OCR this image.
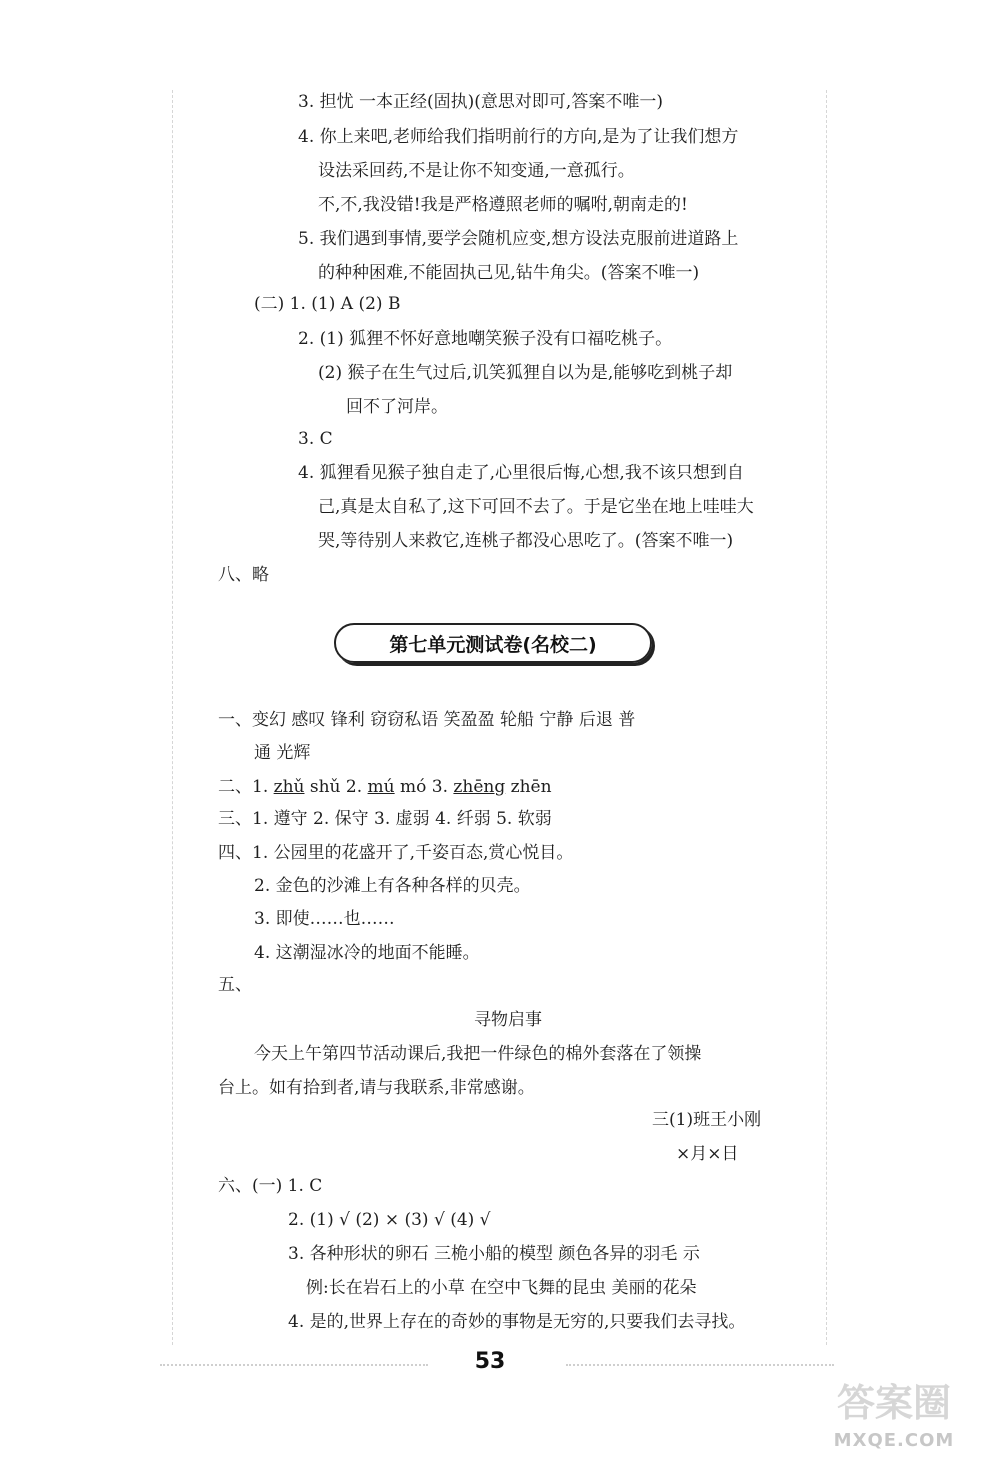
3. 担忧 一本正经(固执)(意思对即可,答案不唯一)
4. 你上来吧,老师给我们指明前行的方向,是为了让我们想方
设法采回药,不是让你不知变通,一意孤行。
不,不,我没错!我是严格遵照老师的嘱咐,朝南走的!
5. 我们遇到事情,要学会随机应变,想方设法克服前进道路上
的种种困难,不能固执己见,钻牛角尖。(答案不唯一)
(二) 1. (1) A (2) B
2. (1) 狐狸不怀好意地嘲笑猴子没有口福吃桃子。
(2) 猴子在生气过后,讥笑狐狸自以为是,能够吃到桃子却
回不了河岸。
3. C
4. 狐狸看见猴子独自走了,心里很后悔,心想,我不该只想到自
己,真是太自私了,这下可回不去了。于是它坐在地上哇哇大
哭,等待别人来救它,连桃子都没心思吃了。(答案不唯一)
八、略
第七单元测试卷(名校二)
一、变幻 感叹 锋利 窃窃私语 笑盈盈 轮船 宁静 后退 普
通 光辉
二、1. zhǔ shǔ 2. mú mó 3. zhēng zhēn
三、1. 遵守 2. 保守 3. 虚弱 4. 纤弱 5. 软弱
四、1. 公园里的花盛开了,千姿百态,赏心悦目。
2. 金色的沙滩上有各种各样的贝壳。
3. 即使……也……
4. 这潮湿冰冷的地面不能睡。
五、
寻物启事
今天上午第四节活动课后,我把一件绿色的棉外套落在了领操
台上。如有拾到者,请与我联系,非常感谢。
三(1)班王小刚
×月×日
六、(一) 1. C
2. (1) √ (2) × (3) √ (4) √
3. 各种形状的卵石 三桅小船的模型 颜色各异的羽毛 示
例:长在岩石上的小草 在空中飞舞的昆虫 美丽的花朵
4. 是的,世界上存在的奇妙的事物是无穷的,只要我们去寻找。
53
答案圈
MXQE.COM
